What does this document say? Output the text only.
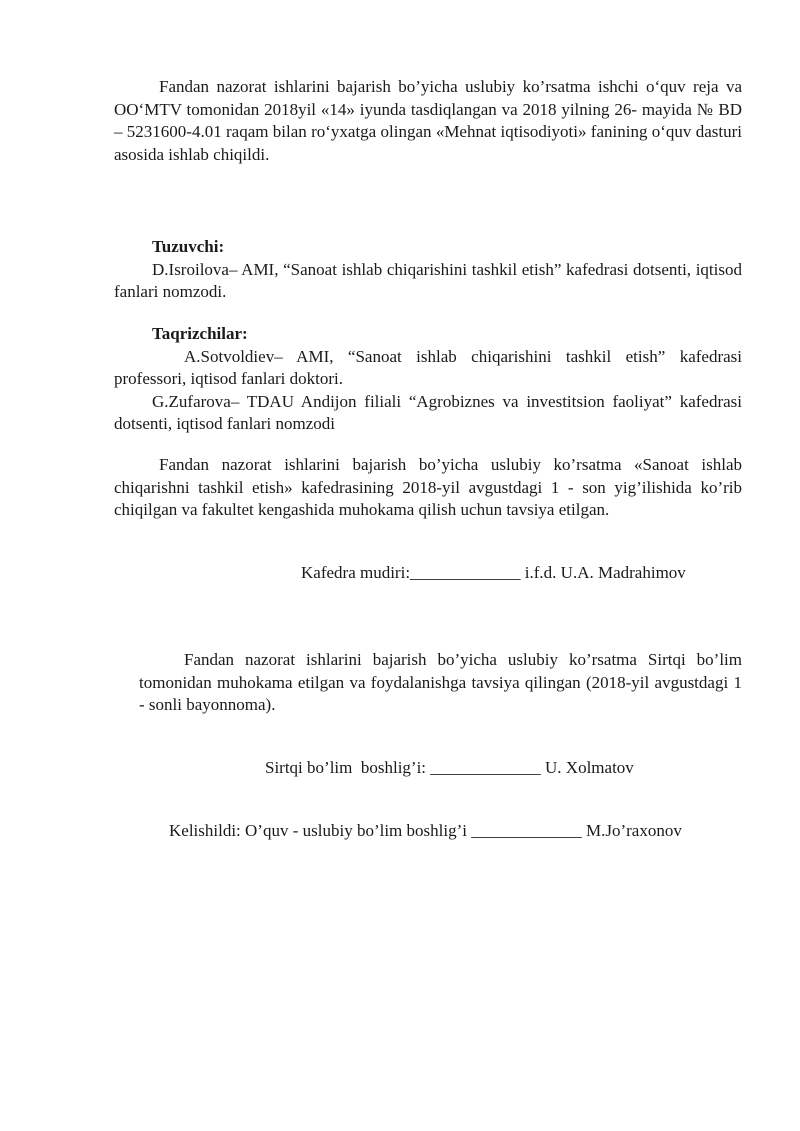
Fandan nazorat ishlarini bajarish bo’yicha uslubiy ko’rsatma ishchi o‘quv reja va OO‘MTV tomonidan 2018yil «14» iyunda tasdiqlangan va 2018 yilning 26- mayida № BD – 5231600-4.01 raqam bilan ro‘yxatga olingan «Mehnat iqtisodiyoti» fanining o‘quv dasturi asosida ishlab chiqildi.

Tuzuvchi:

D.Isroilova– AMI, “Sanoat ishlab chiqarishini tashkil etish” kafedrasi dotsenti, iqtisod fanlari nomzodi.

Taqrizchilar:

A.Sotvoldiev– AMI, “Sanoat ishlab chiqarishini tashkil etish” kafedrasi professori, iqtisod fanlari doktori.

G.Zufarova– TDAU Andijon filiali “Agrobiznes va investitsion faoliyat” kafedrasi dotsenti, iqtisod fanlari nomzodi

Fandan nazorat ishlarini bajarish bo’yicha uslubiy ko’rsatma «Sanoat ishlab chiqarishni tashkil etish» kafedrasining 2018-yil avgustdagi 1 - son yig’ilishida ko’rib chiqilgan va fakultet kengashida muhokama qilish uchun tavsiya etilgan.

Kafedra mudiri:_____________ i.f.d. U.A. Madrahimov

Fandan nazorat ishlarini bajarish bo’yicha uslubiy ko’rsatma Sirtqi bo’lim tomonidan muhokama etilgan va foydalanishga tavsiya qilingan (2018-yil avgustdagi 1 - sonli bayonnoma).

Sirtqi bo’lim  boshlig’i: _____________ U. Xolmatov
Kelishildi: O’quv - uslubiy bo’lim boshlig’i _____________ M.Jo’raxonov
